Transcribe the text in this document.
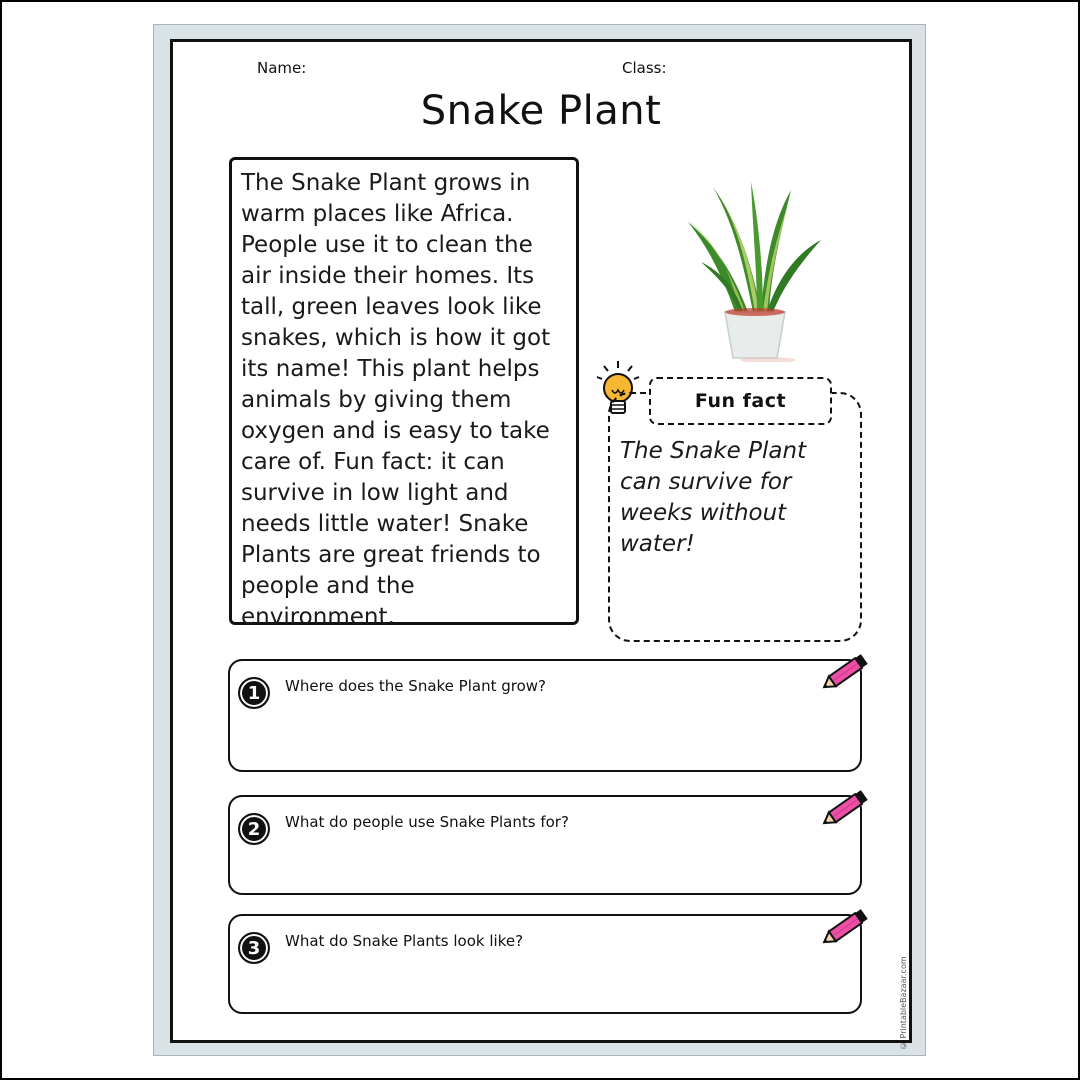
Name:	Class:
Snake Plant
The Snake Plant grows in warm places like Africa. People use it to clean the air inside their homes. Its tall, green leaves look like snakes, which is how it got its name! This plant helps animals by giving them oxygen and is easy to take care of. Fun fact: it can survive in low light and needs little water! Snake Plants are great friends to people and the environment.
Fun fact
The Snake Plant can survive for weeks without water!
1	Where does the Snake Plant grow?
2	What do people use Snake Plants for?
3	What do Snake Plants look like?
© PrintableBazaar.com
